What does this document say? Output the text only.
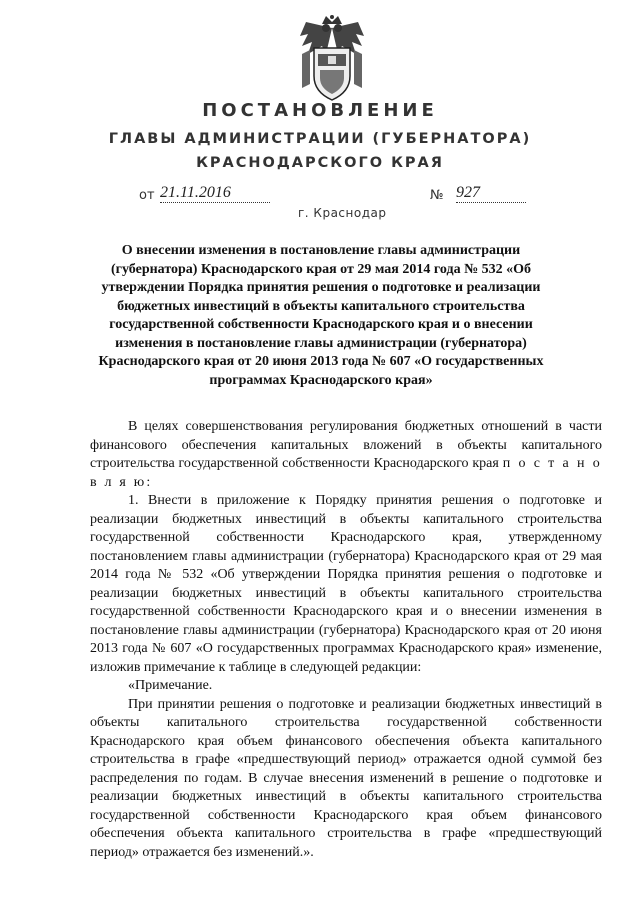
ПОСТАНОВЛЕНИЕ
ГЛАВЫ АДМИНИСТРАЦИИ (ГУБЕРНАТОРА)
КРАСНОДАРСКОГО КРАЯ
от 21.11.2016	№ 927
г. Краснодар
О внесении изменения в постановление главы администрации (губернатора) Краснодарского края от 29 мая 2014 года № 532 «Об утверждении Порядка принятия решения о подготовке и реализации бюджетных инвестиций в объекты капитального строительства государственной собственности Краснодарского края и о внесении изменения в постановление главы администрации (губернатора) Краснодарского края от 20 июня 2013 года № 607 «О государственных программах Краснодарского края»

В целях совершенствования регулирования бюджетных отношений в части финансового обеспечения капитальных вложений в объекты капитального строительства государственной собственности Краснодарского края п о с т а н о в л я ю:

1. Внести в приложение к Порядку принятия решения о подготовке и реализации бюджетных инвестиций в объекты капитального строительства государственной собственности Краснодарского края, утвержденному постановлением главы администрации (губернатора) Краснодарского края от 29 мая 2014 года № 532 «Об утверждении Порядка принятия решения о подготовке и реализации бюджетных инвестиций в объекты капитального строительства государственной собственности Краснодарского края и о внесении изменения в постановление главы администрации (губернатора) Краснодарского края от 20 июня 2013 года № 607 «О государственных программах Краснодарского края» изменение, изложив примечание к таблице в следующей редакции:

«Примечание.

При принятии решения о подготовке и реализации бюджетных инвестиций в объекты капитального строительства государственной собственности Краснодарского края объем финансового обеспечения объекта капитального строительства в графе «предшествующий период» отражается одной суммой без распределения по годам. В случае внесения изменений в решение о подготовке и реализации бюджетных инвестиций в объекты капитального строительства государственной собственности Краснодарского края объем финансового обеспечения объекта капитального строительства в графе «предшествующий период» отражается без изменений.».
